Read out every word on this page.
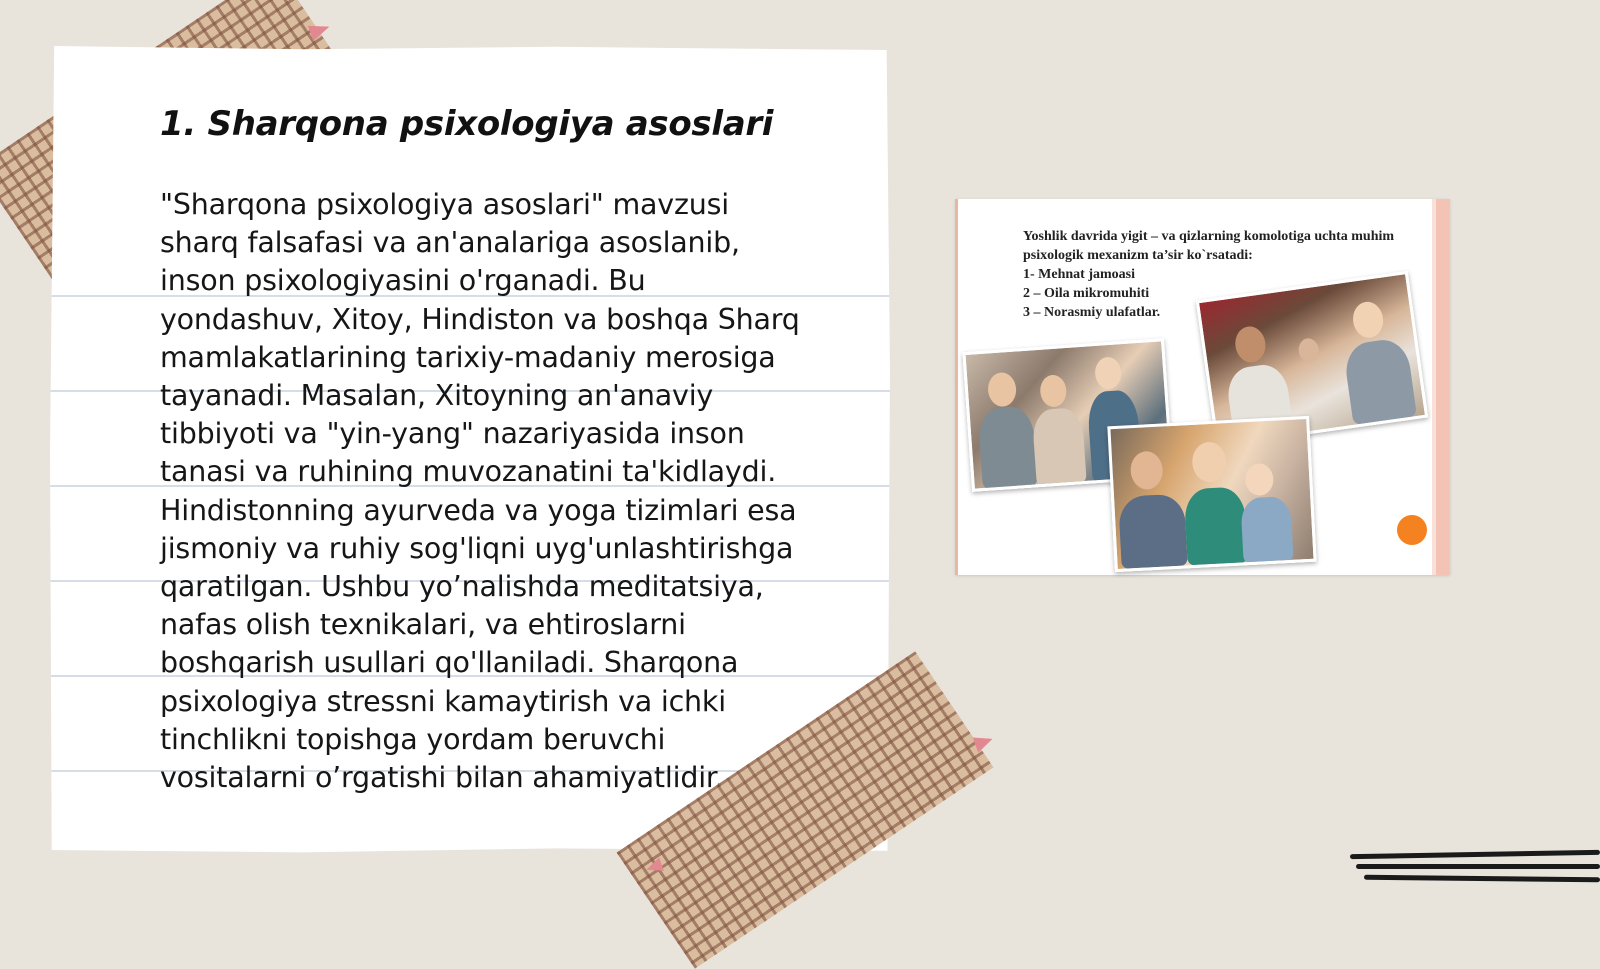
1. Sharqona psixologiya asoslari

"Sharqona psixologiya asoslari" mavzusi
sharq falsafasi va an'analariga asoslanib,
inson psixologiyasini o'rganadi. Bu
yondashuv, Xitoy, Hindiston va boshqa Sharq
mamlakatlarining tarixiy-madaniy merosiga
tayanadi. Masalan, Xitoyning an'anaviy
tibbiyoti va "yin-yang" nazariyasida inson
tanasi va ruhining muvozanatini ta'kidlaydi.
Hindistonning ayurveda va yoga tizimlari esa
jismoniy va ruhiy sog'liqni uyg'unlashtirishga
qaratilgan. Ushbu yo’nalishda meditatsiya,
nafas olish texnikalari, va ehtiroslarni
boshqarish usullari qo'llaniladi. Sharqona
psixologiya stressni kamaytirish va ichki
tinchlikni topishga yordam beruvchi
vositalarni o’rgatishi bilan ahamiyatlidir.

Yoshlik davrida yigit – va qizlarning komolotiga uchta muhim psixologik mexanizm ta’sir ko`rsatadi:
1- Mehnat jamoasi
2 – Oila mikromuhiti
3 – Norasmiy ulafatlar.
